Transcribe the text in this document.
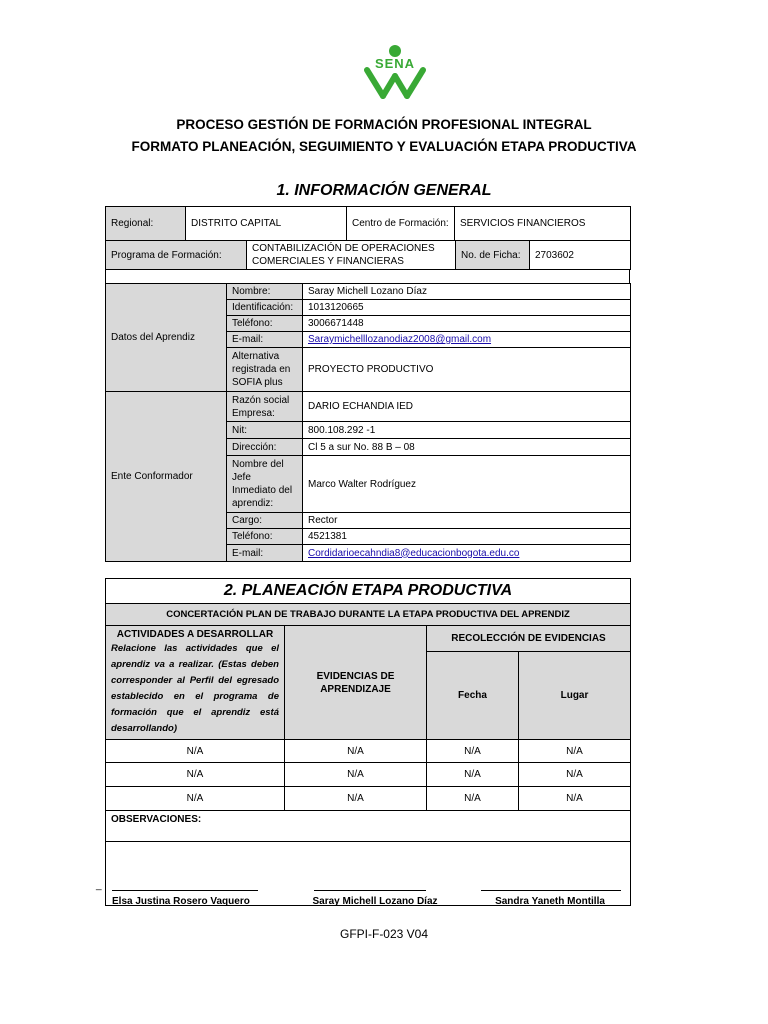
SENA
PROCESO GESTIÓN DE FORMACIÓN PROFESIONAL INTEGRAL
FORMATO PLANEACIÓN, SEGUIMIENTO Y EVALUACIÓN ETAPA PRODUCTIVA
1. INFORMACIÓN GENERAL
Regional:	DISTRITO CAPITAL	Centro de Formación:	SERVICIOS FINANCIEROS
Programa de Formación:	CONTABILIZACIÓN DE OPERACIONES COMERCIALES Y FINANCIERAS	No. de Ficha:	2703602
Datos del Aprendiz	Nombre:	Saray Michell Lozano Díaz
	Identificación:	1013120665
	Teléfono:	3006671448
	E-mail:	Saraymichelllozanodiaz2008@gmail.com
	Alternativa registrada en SOFIA plus	PROYECTO PRODUCTIVO
Ente Conformador	Razón social Empresa:	DARIO ECHANDIA IED
	Nit:	800.108.292 -1
	Dirección:	Cl 5 a sur No. 88 B – 08
	Nombre del Jefe Inmediato del aprendiz:	Marco Walter Rodríguez
	Cargo:	Rector
	Teléfono:	4521381
	E-mail:	Cordidarioecahndia8@educacionbogota.edu.co
2. PLANEACIÓN ETAPA PRODUCTIVA			
CONCERTACIÓN PLAN DE TRABAJO DURANTE LA ETAPA PRODUCTIVA DEL APRENDIZ			

ACTIVIDADES A DESARROLLAR
Relacione las actividades que el aprendiz va a realizar. (Estas deben corresponder al Perfil del egresado establecido en el programa de formación que el aprendiz está desarrollando)	EVIDENCIAS DE APRENDIZAJE	RECOLECCIÓN DE EVIDENCIAS	
		Fecha	Lugar
N/A	N/A	N/A	N/A
N/A	N/A	N/A	N/A
N/A	N/A	N/A	N/A
OBSERVACIONES:			

_
Elsa Justina Rosero Vaquero	Saray Michell Lozano Díaz	Sandra Yaneth Montilla
GFPI-F-023 V04
